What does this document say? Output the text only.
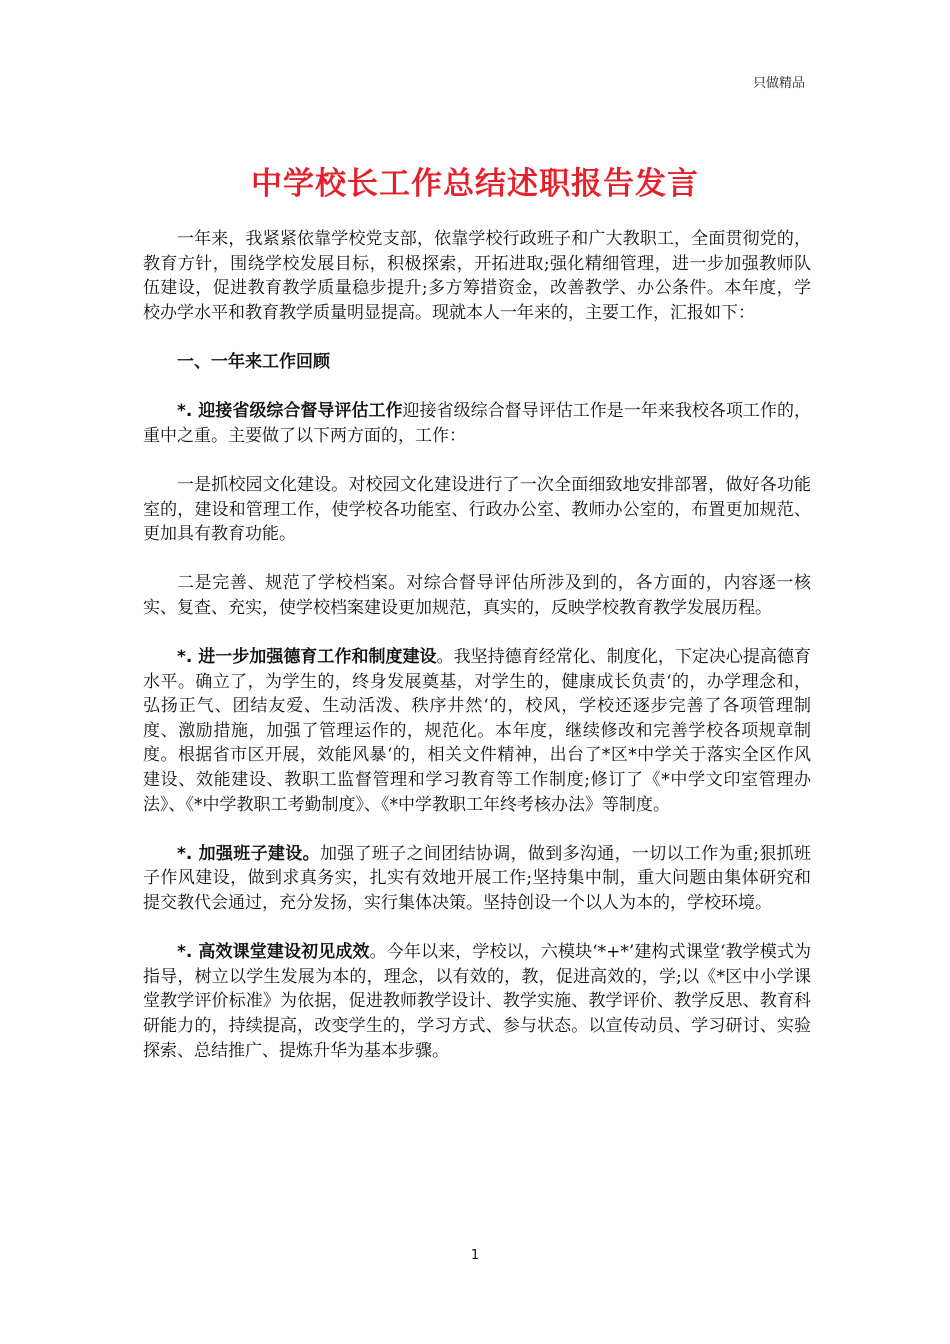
只做精品
中学校长工作总结述职报告发言

一年来，我紧紧依靠学校党支部，依靠学校行政班子和广大教职工，全面贯彻党的，教育方针，围绕学校发展目标，积极探索，开拓进取;强化精细管理，进一步加强教师队伍建设，促进教育教学质量稳步提升;多方筹措资金，改善教学、办公条件。本年度，学校办学水平和教育教学质量明显提高。现就本人一年来的，主要工作，汇报如下：

一、一年来工作回顾

*. 迎接省级综合督导评估工作迎接省级综合督导评估工作是一年来我校各项工作的，重中之重。主要做了以下两方面的，工作：

一是抓校园文化建设。对校园文化建设进行了一次全面细致地安排部署，做好各功能室的，建设和管理工作，使学校各功能室、行政办公室、教师办公室的，布置更加规范、更加具有教育功能。

二是完善、规范了学校档案。对综合督导评估所涉及到的，各方面的，内容逐一核实、复查、充实，使学校档案建设更加规范，真实的，反映学校教育教学发展历程。

*. 进一步加强德育工作和制度建设。我坚持德育经常化、制度化，下定决心提高德育水平。确立了，为学生的，终身发展奠基，对学生的，健康成长负责‘的，办学理念和，弘扬正气、团结友爱、生动活泼、秩序井然‘的，校风，学校还逐步完善了各项管理制度、激励措施，加强了管理运作的，规范化。本年度，继续修改和完善学校各项规章制度。根据省市区开展，效能风暴‘的，相关文件精神，出台了*区*中学关于落实全区作风建设、效能建设、教职工监督管理和学习教育等工作制度;修订了《*中学文印室管理办法》、《*中学教职工考勤制度》、《*中学教职工年终考核办法》等制度。

*. 加强班子建设。加强了班子之间团结协调，做到多沟通，一切以工作为重;狠抓班子作风建设，做到求真务实，扎实有效地开展工作;坚持集中制，重大问题由集体研究和提交教代会通过，充分发扬，实行集体决策。坚持创设一个以人为本的，学校环境。

*. 高效课堂建设初见成效。今年以来，学校以，六模块‘*+*’建构式课堂‘教学模式为指导，树立以学生发展为本的，理念，以有效的，教，促进高效的，学;以《*区中小学课堂教学评价标准》为依据，促进教师教学设计、教学实施、教学评价、教学反思、教育科研能力的，持续提高，改变学生的，学习方式、参与状态。以宣传动员、学习研讨、实验探索、总结推广、提炼升华为基本步骤。

1
